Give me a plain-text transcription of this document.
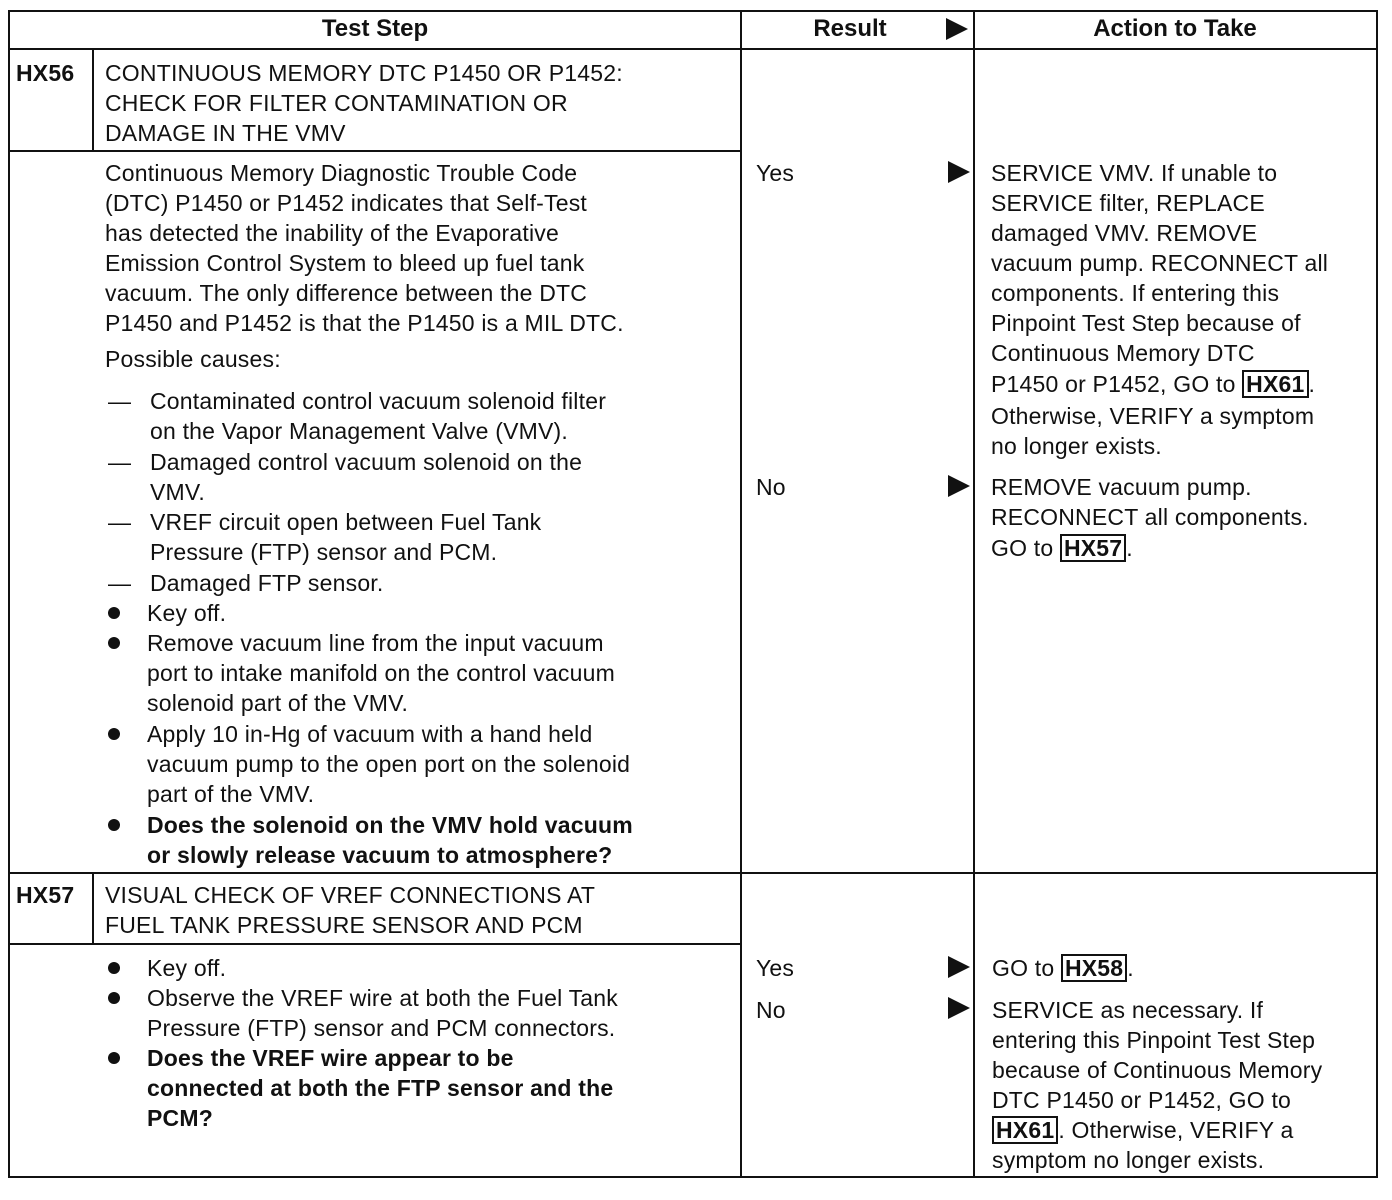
Test Step	Result	Action to Take
HX56 CONTINUOUS MEMORY DTC P1450 OR P1452:
CHECK FOR FILTER CONTAMINATION OR
DAMAGE IN THE VMV
Continuous Memory Diagnostic Trouble Code
(DTC) P1450 or P1452 indicates that Self-Test
has detected the inability of the Evaporative
Emission Control System to bleed up fuel tank
vacuum. The only difference between the DTC
P1450 and P1452 is that the P1450 is a MIL DTC.
Possible causes:
— Contaminated control vacuum solenoid filter
on the Vapor Management Valve (VMV).
— Damaged control vacuum solenoid on the
VMV.
— VREF circuit open between Fuel Tank
Pressure (FTP) sensor and PCM.
— Damaged FTP sensor.
Key off.
Remove vacuum line from the input vacuum
port to intake manifold on the control vacuum
solenoid part of the VMV.
Apply 10 in-Hg of vacuum with a hand held
vacuum pump to the open port on the solenoid
part of the VMV.
Does the solenoid on the VMV hold vacuum
or slowly release vacuum to atmosphere?
Yes
No
SERVICE VMV. If unable to
SERVICE filter, REPLACE
damaged VMV. REMOVE
vacuum pump. RECONNECT all
components. If entering this
Pinpoint Test Step because of
Continuous Memory DTC
P1450 or P1452, GO to HX61 .
Otherwise, VERIFY a symptom
no longer exists.
REMOVE vacuum pump.
RECONNECT all components.
GO to HX57 .
HX57 VISUAL CHECK OF VREF CONNECTIONS AT
FUEL TANK PRESSURE SENSOR AND PCM
Key off.
Observe the VREF wire at both the Fuel Tank
Pressure (FTP) sensor and PCM connectors.
Does the VREF wire appear to be
connected at both the FTP sensor and the
PCM?
Yes
No
GO to HX58 .
SERVICE as necessary. If
entering this Pinpoint Test Step
because of Continuous Memory
DTC P1450 or P1452, GO to
HX61 . Otherwise, VERIFY a
symptom no longer exists.
